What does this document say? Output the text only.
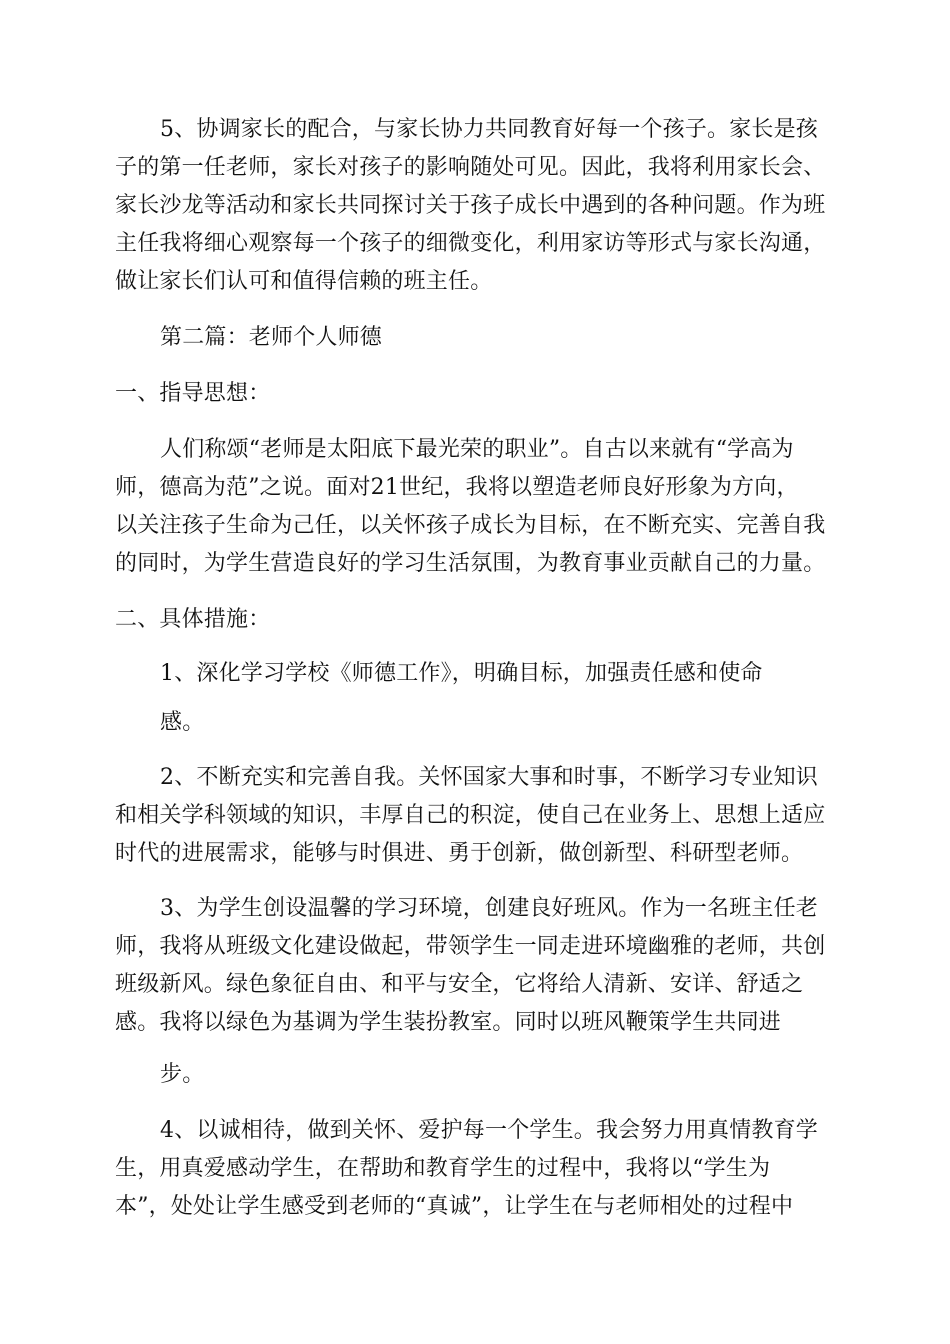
5、协调家长的配合，与家长协力共同教育好每一个孩子。家长是孩
子的第一任老师，家长对孩子的影响随处可见。因此，我将利用家长会、
家长沙龙等活动和家长共同探讨关于孩子成长中遇到的各种问题。作为班
主任我将细心观察每一个孩子的细微变化，利用家访等形式与家长沟通，
做让家长们认可和值得信赖的班主任。
第二篇：老师个人师德
一、指导思想：
人们称颂“老师是太阳底下最光荣的职业”。自古以来就有“学高为
师，德高为范”之说。面对21世纪，我将以塑造老师良好形象为方向，
以关注孩子生命为己任，以关怀孩子成长为目标，在不断充实、完善自我
的同时，为学生营造良好的学习生活氛围，为教育事业贡献自己的力量。
二、具体措施：
1、深化学习学校《师德工作》，明确目标，加强责任感和使命
感。
2、不断充实和完善自我。关怀国家大事和时事，不断学习专业知识
和相关学科领域的知识，丰厚自己的积淀，使自己在业务上、思想上适应
时代的进展需求，能够与时俱进、勇于创新，做创新型、科研型老师。
3、为学生创设温馨的学习环境，创建良好班风。作为一名班主任老
师，我将从班级文化建设做起，带领学生一同走进环境幽雅的老师，共创
班级新风。绿色象征自由、和平与安全，它将给人清新、安详、舒适之
感。我将以绿色为基调为学生装扮教室。同时以班风鞭策学生共同进
步。
4、以诚相待，做到关怀、爱护每一个学生。我会努力用真情教育学
生，用真爱感动学生，在帮助和教育学生的过程中，我将以“学生为
本”，处处让学生感受到老师的“真诚”，让学生在与老师相处的过程中
